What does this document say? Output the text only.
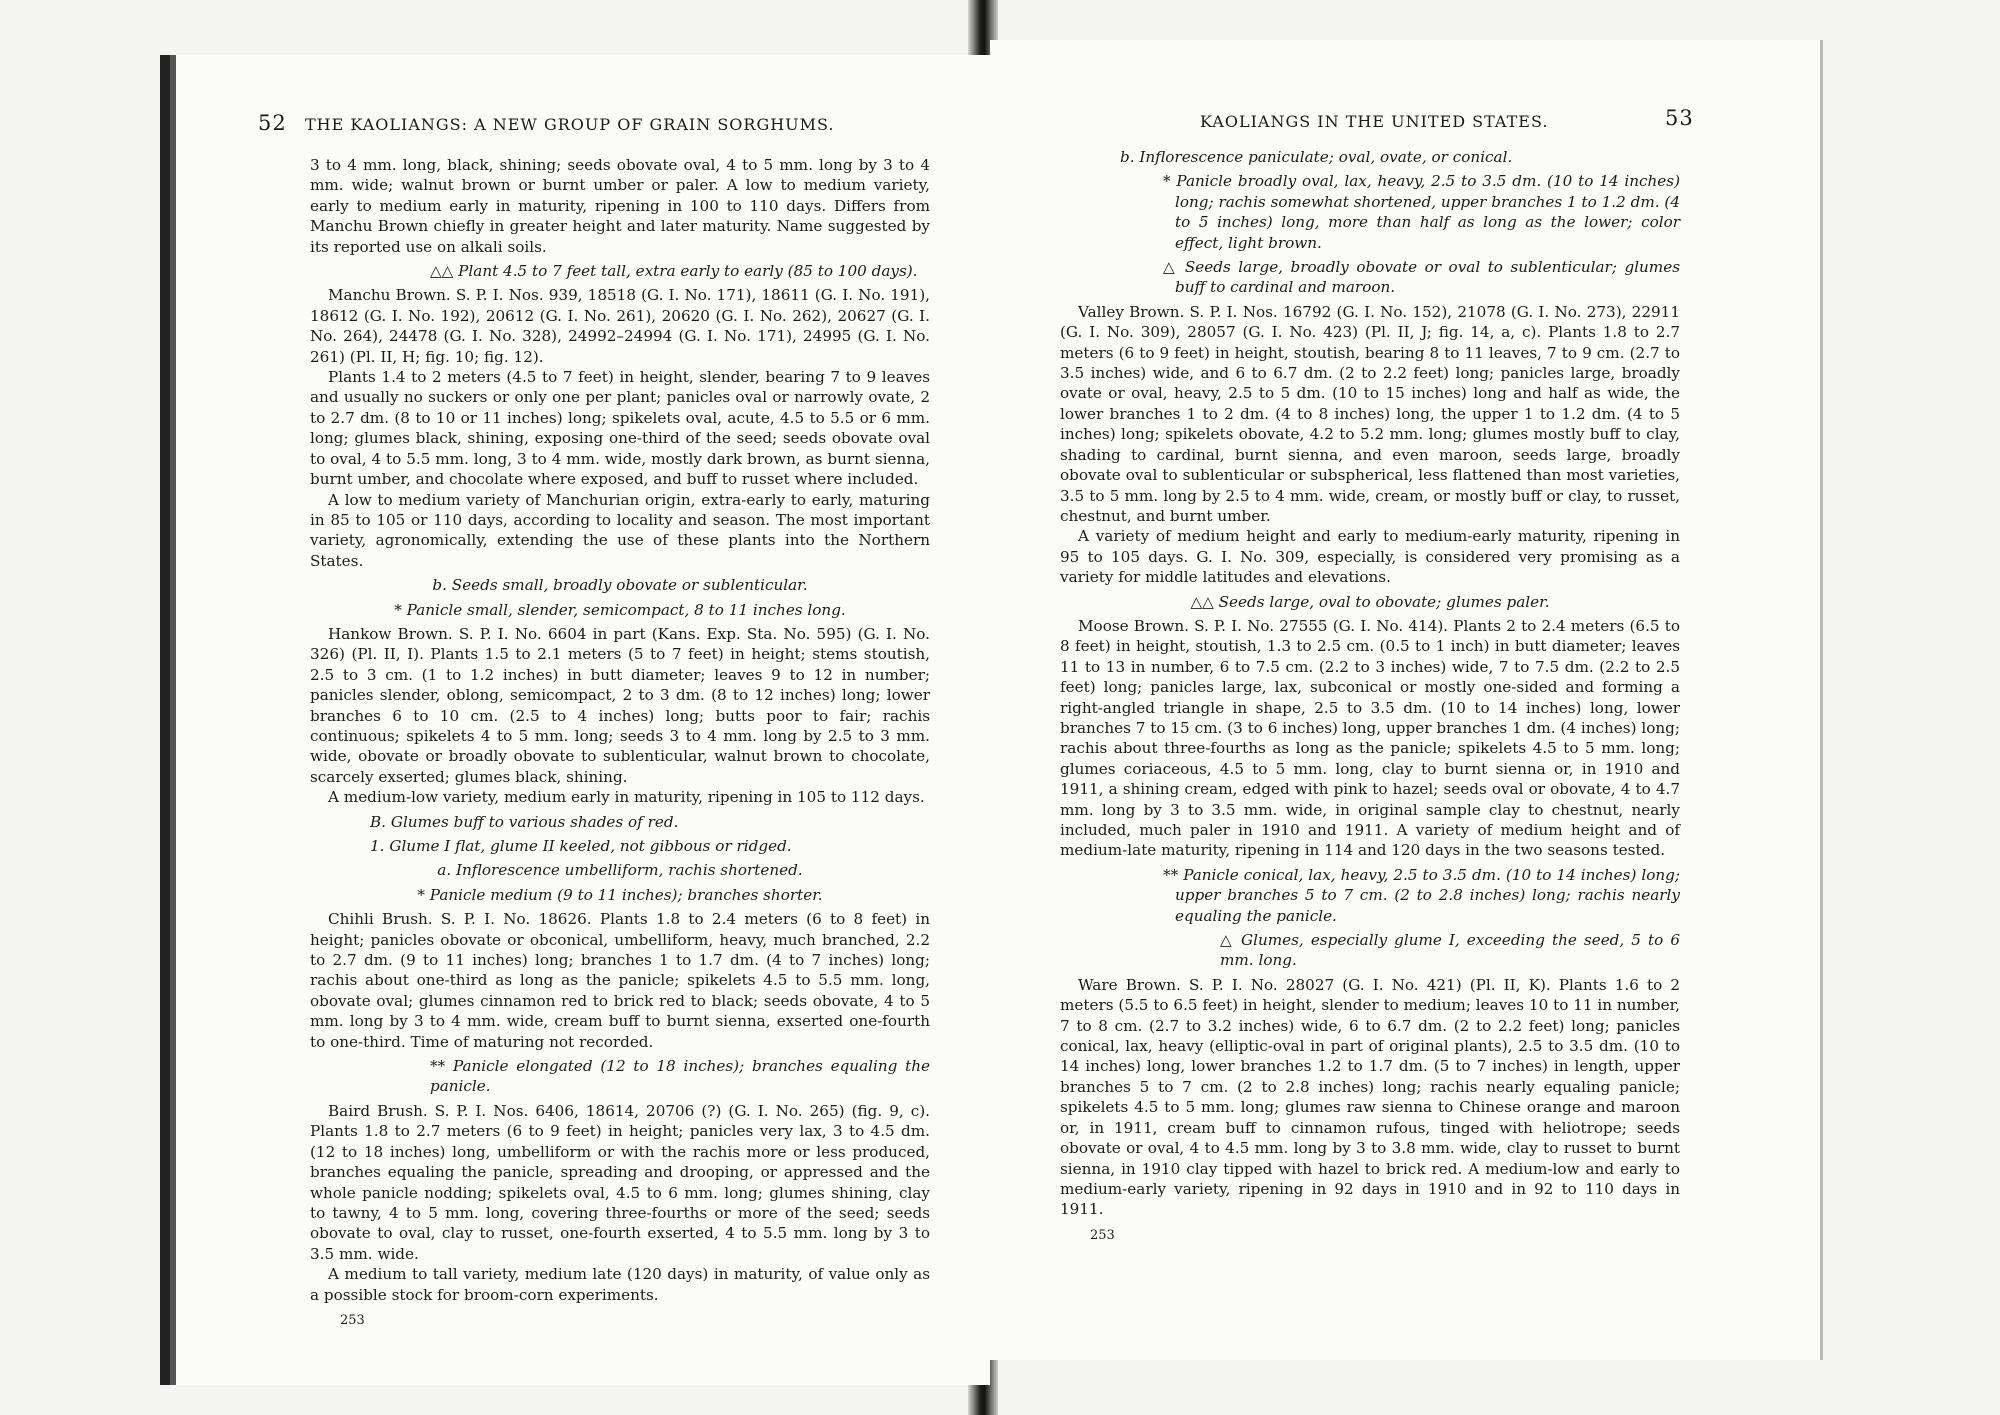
52 THE KAOLIANGS: A NEW GROUP OF GRAIN SORGHUMS.

3 to 4 mm. long, black, shining; seeds obovate oval, 4 to 5 mm. long by 3 to 4 mm. wide; walnut brown or burnt umber or paler. A low to medium variety, early to medium early in maturity, ripening in 100 to 110 days. Differs from Manchu Brown chiefly in greater height and later maturity. Name suggested by its reported use on alkali soils.

△△ Plant 4.5 to 7 feet tall, extra early to early (85 to 100 days).

Manchu Brown. S. P. I. Nos. 939, 18518 (G. I. No. 171), 18611 (G. I. No. 191), 18612 (G. I. No. 192), 20612 (G. I. No. 261), 20620 (G. I. No. 262), 20627 (G. I. No. 264), 24478 (G. I. No. 328), 24992–24994 (G. I. No. 171), 24995 (G. I. No. 261) (Pl. II, H; fig. 10; fig. 12).

Plants 1.4 to 2 meters (4.5 to 7 feet) in height, slender, bearing 7 to 9 leaves and usually no suckers or only one per plant; panicles oval or narrowly ovate, 2 to 2.7 dm. (8 to 10 or 11 inches) long; spikelets oval, acute, 4.5 to 5.5 or 6 mm. long; glumes black, shining, exposing one-third of the seed; seeds obovate oval to oval, 4 to 5.5 mm. long, 3 to 4 mm. wide, mostly dark brown, as burnt sienna, burnt umber, and chocolate where exposed, and buff to russet where included.

A low to medium variety of Manchurian origin, extra-early to early, maturing in 85 to 105 or 110 days, according to locality and season. The most important variety, agronomically, extending the use of these plants into the Northern States.

b. Seeds small, broadly obovate or sublenticular.

* Panicle small, slender, semicompact, 8 to 11 inches long.

Hankow Brown. S. P. I. No. 6604 in part (Kans. Exp. Sta. No. 595) (G. I. No. 326) (Pl. II, I). Plants 1.5 to 2.1 meters (5 to 7 feet) in height; stems stoutish, 2.5 to 3 cm. (1 to 1.2 inches) in butt diameter; leaves 9 to 12 in number; panicles slender, oblong, semicompact, 2 to 3 dm. (8 to 12 inches) long; lower branches 6 to 10 cm. (2.5 to 4 inches) long; butts poor to fair; rachis continuous; spikelets 4 to 5 mm. long; seeds 3 to 4 mm. long by 2.5 to 3 mm. wide, obovate or broadly obovate to sublenticular, walnut brown to chocolate, scarcely exserted; glumes black, shining.

A medium-low variety, medium early in maturity, ripening in 105 to 112 days.

B. Glumes buff to various shades of red.

1. Glume I flat, glume II keeled, not gibbous or ridged.

a. Inflorescence umbelliform, rachis shortened.

* Panicle medium (9 to 11 inches); branches shorter.

Chihli Brush. S. P. I. No. 18626. Plants 1.8 to 2.4 meters (6 to 8 feet) in height; panicles obovate or obconical, umbelliform, heavy, much branched, 2.2 to 2.7 dm. (9 to 11 inches) long; branches 1 to 1.7 dm. (4 to 7 inches) long; rachis about one-third as long as the panicle; spikelets 4.5 to 5.5 mm. long, obovate oval; glumes cinnamon red to brick red to black; seeds obovate, 4 to 5 mm. long by 3 to 4 mm. wide, cream buff to burnt sienna, exserted one-fourth to one-third. Time of maturing not recorded.

** Panicle elongated (12 to 18 inches); branches equaling the panicle.

Baird Brush. S. P. I. Nos. 6406, 18614, 20706 (?) (G. I. No. 265) (fig. 9, c). Plants 1.8 to 2.7 meters (6 to 9 feet) in height; panicles very lax, 3 to 4.5 dm. (12 to 18 inches) long, umbelliform or with the rachis more or less produced, branches equaling the panicle, spreading and drooping, or appressed and the whole panicle nodding; spikelets oval, 4.5 to 6 mm. long; glumes shining, clay to tawny, 4 to 5 mm. long, covering three-fourths or more of the seed; seeds obovate to oval, clay to russet, one-fourth exserted, 4 to 5.5 mm. long by 3 to 3.5 mm. wide.

A medium to tall variety, medium late (120 days) in maturity, of value only as a possible stock for broom-corn experiments.

253

KAOLIANGS IN THE UNITED STATES.	53

b. Inflorescence paniculate; oval, ovate, or conical.

* Panicle broadly oval, lax, heavy, 2.5 to 3.5 dm. (10 to 14 inches) long; rachis somewhat shortened, upper branches 1 to 1.2 dm. (4 to 5 inches) long, more than half as long as the lower; color effect, light brown.

△ Seeds large, broadly obovate or oval to sublenticular; glumes buff to cardinal and maroon.

Valley Brown. S. P. I. Nos. 16792 (G. I. No. 152), 21078 (G. I. No. 273), 22911 (G. I. No. 309), 28057 (G. I. No. 423) (Pl. II, J; fig. 14, a, c). Plants 1.8 to 2.7 meters (6 to 9 feet) in height, stoutish, bearing 8 to 11 leaves, 7 to 9 cm. (2.7 to 3.5 inches) wide, and 6 to 6.7 dm. (2 to 2.2 feet) long; panicles large, broadly ovate or oval, heavy, 2.5 to 5 dm. (10 to 15 inches) long and half as wide, the lower branches 1 to 2 dm. (4 to 8 inches) long, the upper 1 to 1.2 dm. (4 to 5 inches) long; spikelets obovate, 4.2 to 5.2 mm. long; glumes mostly buff to clay, shading to cardinal, burnt sienna, and even maroon, seeds large, broadly obovate oval to sublenticular or subspherical, less flattened than most varieties, 3.5 to 5 mm. long by 2.5 to 4 mm. wide, cream, or mostly buff or clay, to russet, chestnut, and burnt umber.

A variety of medium height and early to medium-early maturity, ripening in 95 to 105 days. G. I. No. 309, especially, is considered very promising as a variety for middle latitudes and elevations.

△△ Seeds large, oval to obovate; glumes paler.

Moose Brown. S. P. I. No. 27555 (G. I. No. 414). Plants 2 to 2.4 meters (6.5 to 8 feet) in height, stoutish, 1.3 to 2.5 cm. (0.5 to 1 inch) in butt diameter; leaves 11 to 13 in number, 6 to 7.5 cm. (2.2 to 3 inches) wide, 7 to 7.5 dm. (2.2 to 2.5 feet) long; panicles large, lax, subconical or mostly one-sided and forming a right-angled triangle in shape, 2.5 to 3.5 dm. (10 to 14 inches) long, lower branches 7 to 15 cm. (3 to 6 inches) long, upper branches 1 dm. (4 inches) long; rachis about three-fourths as long as the panicle; spikelets 4.5 to 5 mm. long; glumes coriaceous, 4.5 to 5 mm. long, clay to burnt sienna or, in 1910 and 1911, a shining cream, edged with pink to hazel; seeds oval or obovate, 4 to 4.7 mm. long by 3 to 3.5 mm. wide, in original sample clay to chestnut, nearly included, much paler in 1910 and 1911. A variety of medium height and of medium-late maturity, ripening in 114 and 120 days in the two seasons tested.

** Panicle conical, lax, heavy, 2.5 to 3.5 dm. (10 to 14 inches) long; upper branches 5 to 7 cm. (2 to 2.8 inches) long; rachis nearly equaling the panicle.

△ Glumes, especially glume I, exceeding the seed, 5 to 6 mm. long.

Ware Brown. S. P. I. No. 28027 (G. I. No. 421) (Pl. II, K). Plants 1.6 to 2 meters (5.5 to 6.5 feet) in height, slender to medium; leaves 10 to 11 in number, 7 to 8 cm. (2.7 to 3.2 inches) wide, 6 to 6.7 dm. (2 to 2.2 feet) long; panicles conical, lax, heavy (elliptic-oval in part of original plants), 2.5 to 3.5 dm. (10 to 14 inches) long, lower branches 1.2 to 1.7 dm. (5 to 7 inches) in length, upper branches 5 to 7 cm. (2 to 2.8 inches) long; rachis nearly equaling panicle; spikelets 4.5 to 5 mm. long; glumes raw sienna to Chinese orange and maroon or, in 1911, cream buff to cinnamon rufous, tinged with heliotrope; seeds obovate or oval, 4 to 4.5 mm. long by 3 to 3.8 mm. wide, clay to russet to burnt sienna, in 1910 clay tipped with hazel to brick red. A medium-low and early to medium-early variety, ripening in 92 days in 1910 and in 92 to 110 days in 1911.

253
